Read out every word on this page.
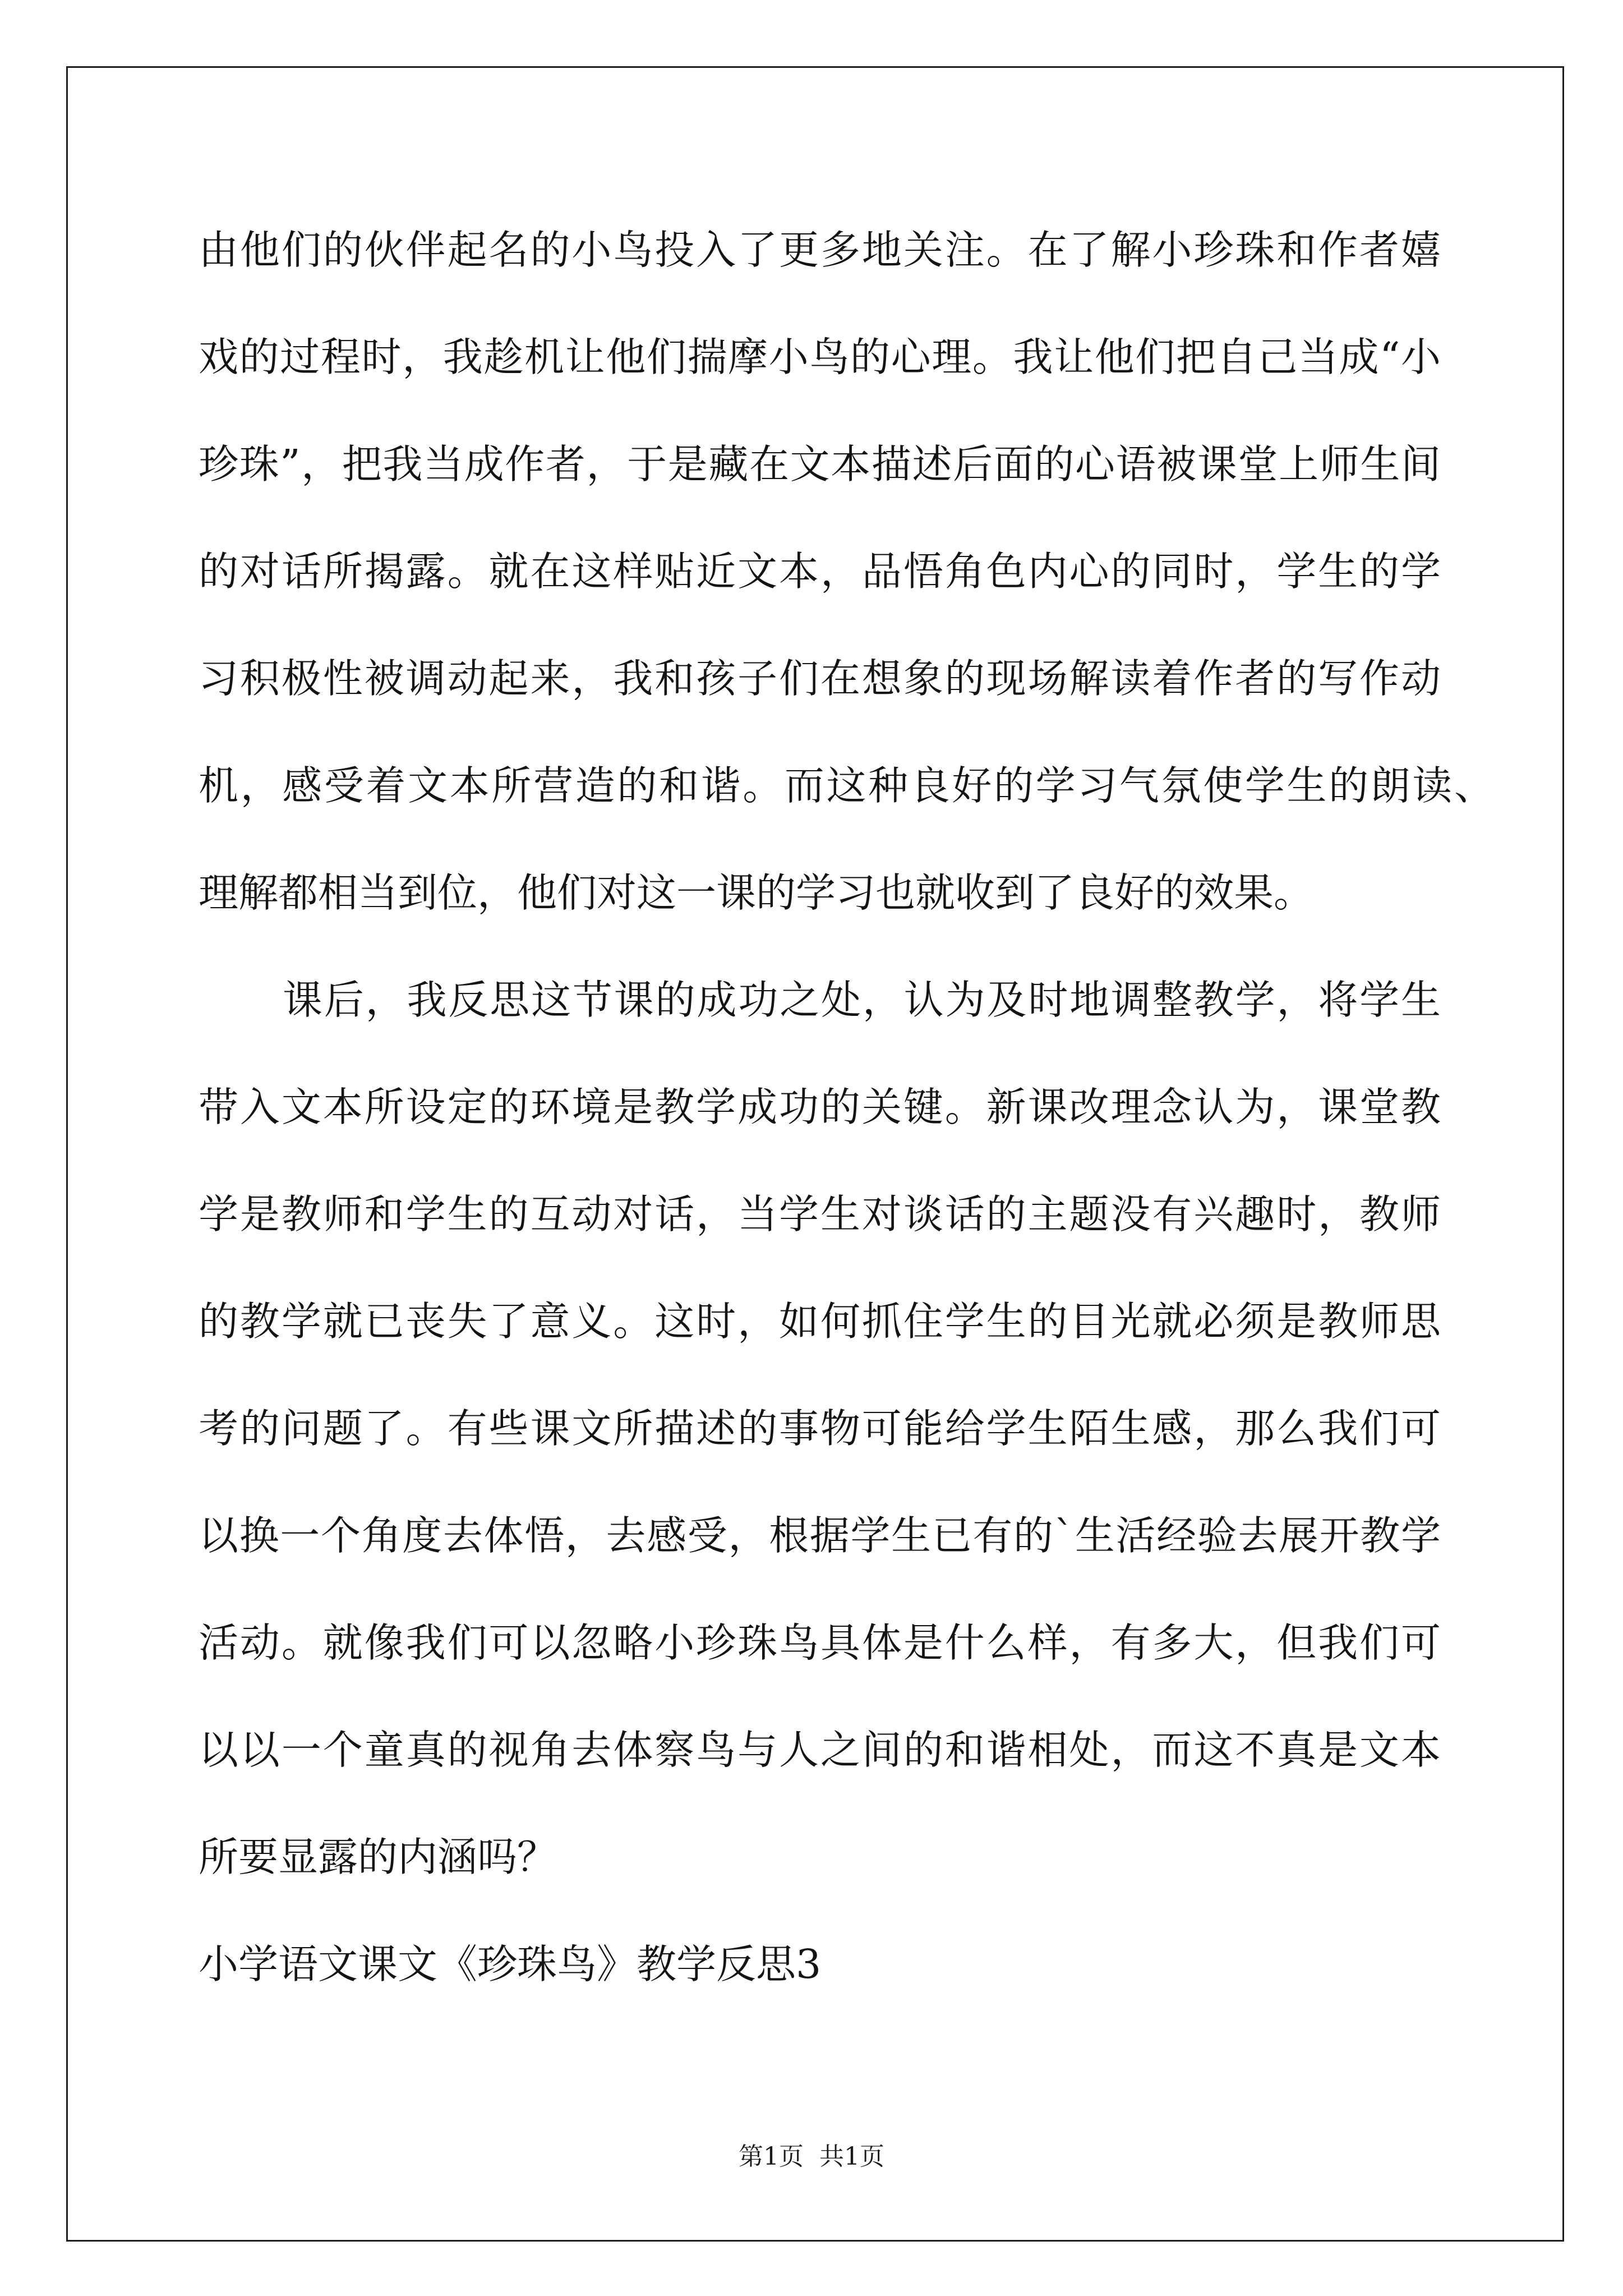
由他们的伙伴起名的小鸟投入了更多地关注。在了解小珍珠和作者嬉
戏的过程时，我趁机让他们揣摩小鸟的心理。我让他们把自己当成“小
珍珠”，把我当成作者，于是藏在文本描述后面的心语被课堂上师生间
的对话所揭露。就在这样贴近文本，品悟角色内心的同时，学生的学
习积极性被调动起来，我和孩子们在想象的现场解读着作者的写作动
机，感受着文本所营造的和谐。而这种良好的学习气氛使学生的朗读、
理解都相当到位，他们对这一课的学习也就收到了良好的效果。
课后，我反思这节课的成功之处，认为及时地调整教学，将学生
带入文本所设定的环境是教学成功的关键。新课改理念认为，课堂教
学是教师和学生的互动对话，当学生对谈话的主题没有兴趣时，教师
的教学就已丧失了意义。这时，如何抓住学生的目光就必须是教师思
考的问题了。有些课文所描述的事物可能给学生陌生感，那么我们可
以换一个角度去体悟，去感受，根据学生已有的`生活经验去展开教学
活动。就像我们可以忽略小珍珠鸟具体是什么样，有多大，但我们可
以以一个童真的视角去体察鸟与人之间的和谐相处，而这不真是文本
所要显露的内涵吗？
小学语文课文《珍珠鸟》教学反思3
第1页  共1页
